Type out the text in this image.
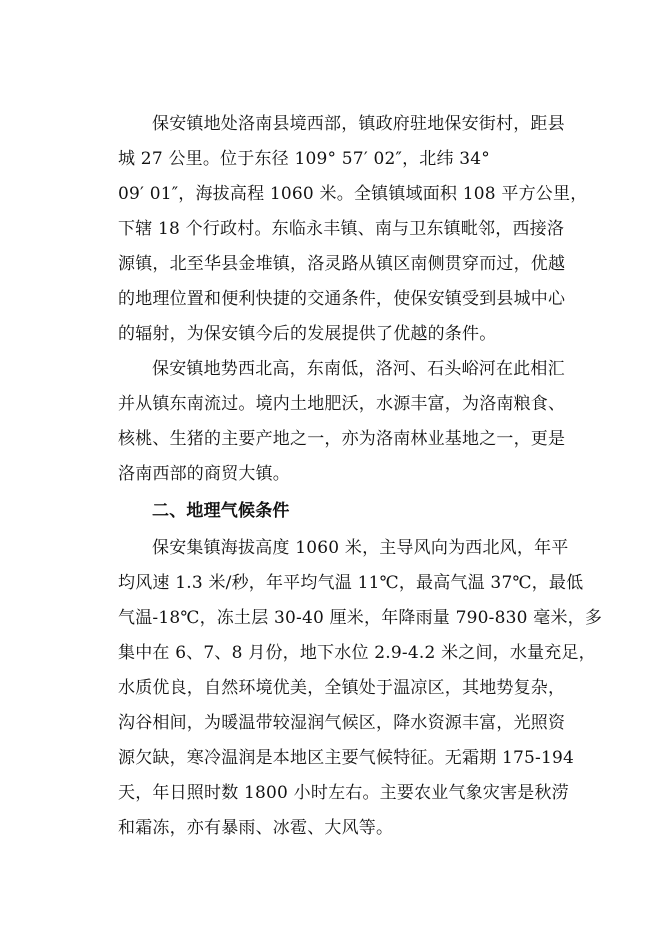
保安镇地处洛南县境西部，镇政府驻地保安街村，距县
城 27 公里。位于东径 109° 57′ 02″，北纬 34°
09′ 01″，海拔高程 1060 米。全镇镇域面积 108 平方公里，
下辖 18 个行政村。东临永丰镇、南与卫东镇毗邻，西接洛
源镇，北至华县金堆镇，洛灵路从镇区南侧贯穿而过，优越
的地理位置和便利快捷的交通条件，使保安镇受到县城中心
的辐射，为保安镇今后的发展提供了优越的条件。
保安镇地势西北高，东南低，洛河、石头峪河在此相汇
并从镇东南流过。境内土地肥沃，水源丰富，为洛南粮食、
核桃、生猪的主要产地之一，亦为洛南林业基地之一，更是
洛南西部的商贸大镇。
二、地理气候条件
保安集镇海拔高度 1060 米，主导风向为西北风，年平
均风速 1.3 米/秒，年平均气温 11℃，最高气温 37℃，最低
气温-18℃，冻土层 30-40 厘米，年降雨量 790-830 毫米，多
集中在 6、7、8 月份，地下水位 2.9-4.2 米之间，水量充足，
水质优良，自然环境优美，全镇处于温凉区，其地势复杂，
沟谷相间，为暖温带较湿润气候区，降水资源丰富，光照资
源欠缺，寒冷温润是本地区主要气候特征。无霜期 175-194
天，年日照时数 1800 小时左右。主要农业气象灾害是秋涝
和霜冻，亦有暴雨、冰雹、大风等。
